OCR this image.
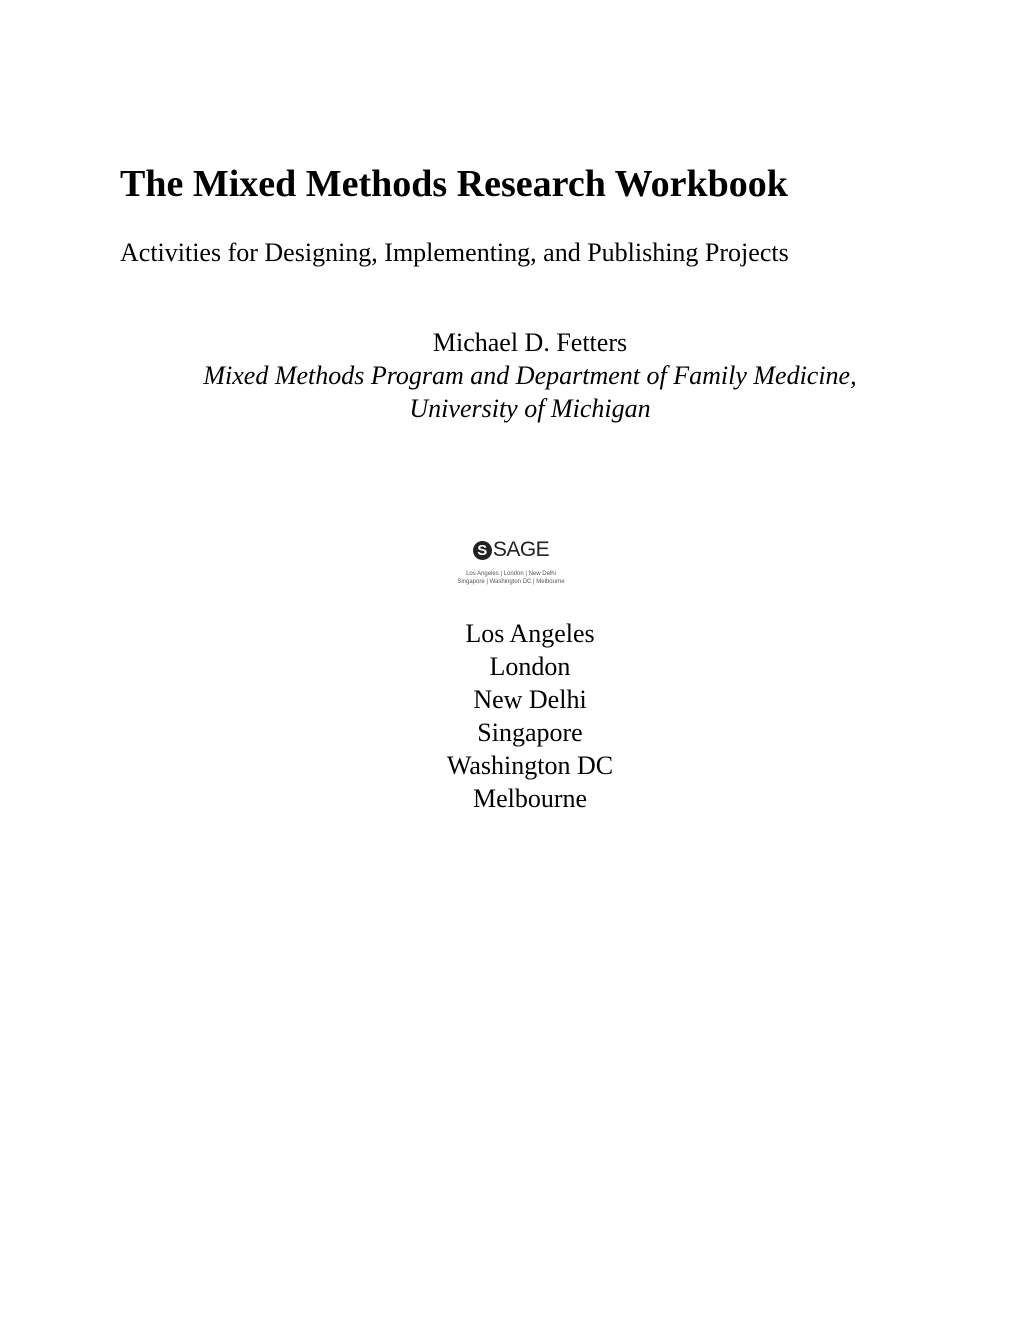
The Mixed Methods Research Workbook

Activities for Designing, Implementing, and Publishing Projects

Michael D. Fetters
Mixed Methods Program and Department of Family Medicine,
University of Michigan
S SAGE
Los Angeles | London | New Delhi
Singapore | Washington DC | Melbourne
Los Angeles
London
New Delhi
Singapore
Washington DC
Melbourne
